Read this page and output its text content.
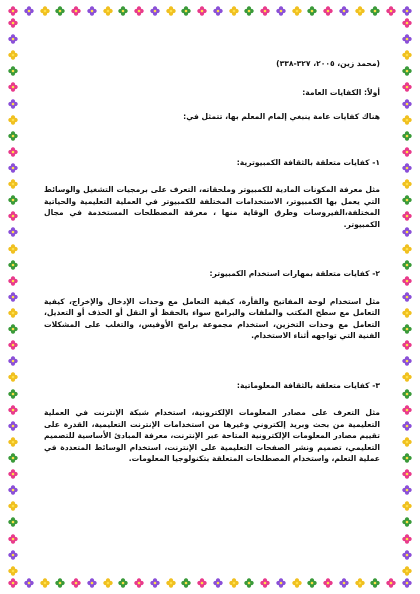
(محمد زين، ٢٠٠٥، ٣٢٧-٣٣٨)

أولاً: الكفايات العامة:

هناك كفايات عامة ينبغي إلمام المعلم بها، تتمثل في:

١- كفايات متعلقة بالثقافة الكمبيوترية:

مثل معرفة المكونات المادية للكمبيوتر وملحقاته، التعرف على برمجيات التشغيل والوسائط التي يعمل بها الكمبيوتر، الاستخدامات المختلفة للكمبيوتر في العملية التعليمية والحياتية المختلفة،الفيروسات وطرق الوقاية منها ، معرفة المصطلحات المستخدمة في مجال الكمبيوتر.

٢- كفايات متعلقة بمهارات استخدام الكمبيوتر:

مثل استخدام لوحة المفاتيح والفأرة، كيفية التعامل مع وحدات الإدخال والإخراج، كيفية التعامل مع سطح المكتب والملفات والبرامج سواء بالحفظ أو النقل أو الحذف أو التعديل، التعامل مع وحدات التخزين، استخدام مجموعة برامج الأوفيس، والتغلب على المشكلات الفنية التي تواجهه أثناء الاستخدام.

٣- كفايات متعلقة بالثقافة المعلوماتية:

مثل التعرف على مصادر المعلومات الإلكترونية، استخدام شبكة الإنترنت في العملية التعليمية من بحث وبريد إلكتروني وغيرها من استخدامات الإنترنت التعليمية، القدرة على تقييم مصادر المعلومات الإلكترونية المتاحة عبر الإنترنت، معرفة المبادئ الأساسية للتصميم التعليمي، تصميم ونشر الصفحات التعليمية على الإنترنت، استخدام الوسائط المتعددة في عملية التعلم، واستخدام المصطلحات المتعلقة بتكنولوجيا المعلومات.
